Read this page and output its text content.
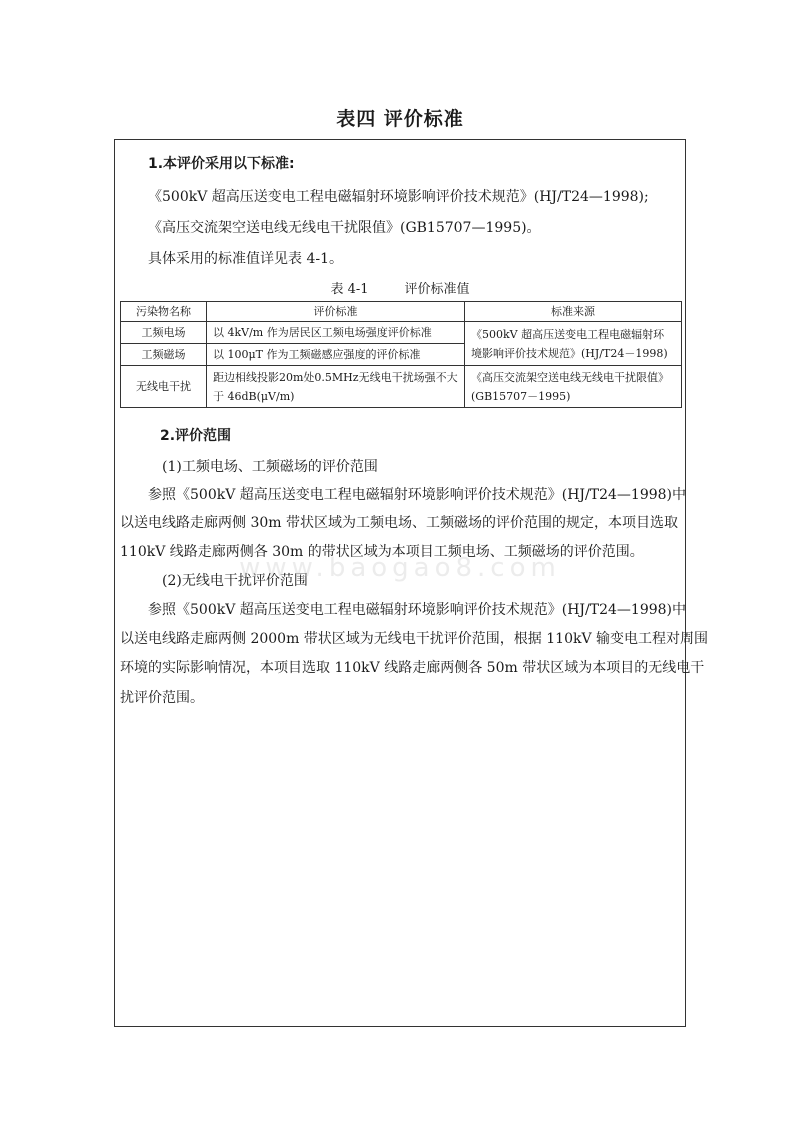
表四 评价标准
1.本评价采用以下标准:
《500kV 超高压送变电工程电磁辐射环境影响评价技术规范》(HJ/T24—1998);
《高压交流架空送电线无线电干扰限值》(GB15707—1995)。
具体采用的标准值详见表 4-1。
表 4-1	评价标准值
污染物名称	评价标准	标准来源
工频电场	以 4kV/m 作为居民区工频电场强度评价标准	《500kV 超高压送变电工程电磁辐射环境影响评价技术规范》(HJ/T24－1998)
工频磁场	以 100μT 作为工频磁感应强度的评价标准	
无线电干扰	距边相线投影20m处0.5MHz无线电干扰场强不大于 46dB(μV/m)	《高压交流架空送电线无线电干扰限值》(GB15707－1995)
2.评价范围
(1)工频电场、工频磁场的评价范围
参照《500kV 超高压送变电工程电磁辐射环境影响评价技术规范》(HJ/T24—1998)中
以送电线路走廊两侧 30m 带状区域为工频电场、工频磁场的评价范围的规定，本项目选取
110kV 线路走廊两侧各 30m 的带状区域为本项目工频电场、工频磁场的评价范围。
(2)无线电干扰评价范围
参照《500kV 超高压送变电工程电磁辐射环境影响评价技术规范》(HJ/T24—1998)中
以送电线路走廊两侧 2000m 带状区域为无线电干扰评价范围，根据 110kV 输变电工程对周围
环境的实际影响情况，本项目选取 110kV 线路走廊两侧各 50m 带状区域为本项目的无线电干
扰评价范围。
www.baogao8.com
